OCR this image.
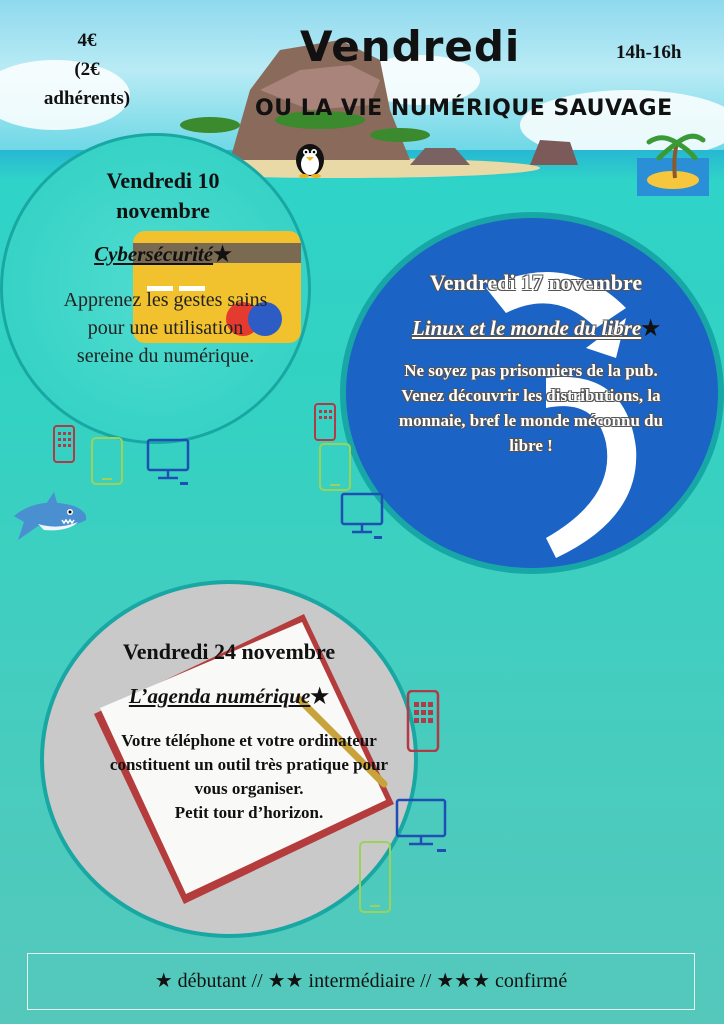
Vendredi
OU LA VIE NUMÉRIQUE SAUVAGE
4€
(2€
adhérents)
14h-16h
Vendredi 10
novembre
Cybersécurité★
Apprenez les gestes sains pour une utilisation sereine du numérique.
Vendredi 17 novembre
Linux et le monde du libre★
Ne soyez pas prisonniers de la pub. Venez découvrir les distributions, la monnaie, bref le monde méconnu du libre !
Vendredi 24 novembre
L’agenda numérique★
Votre téléphone et votre ordinateur constituent un outil très pratique pour vous organiser.
Petit tour d’horizon.
★ débutant // ★★ intermédiaire // ★★★ confirmé
